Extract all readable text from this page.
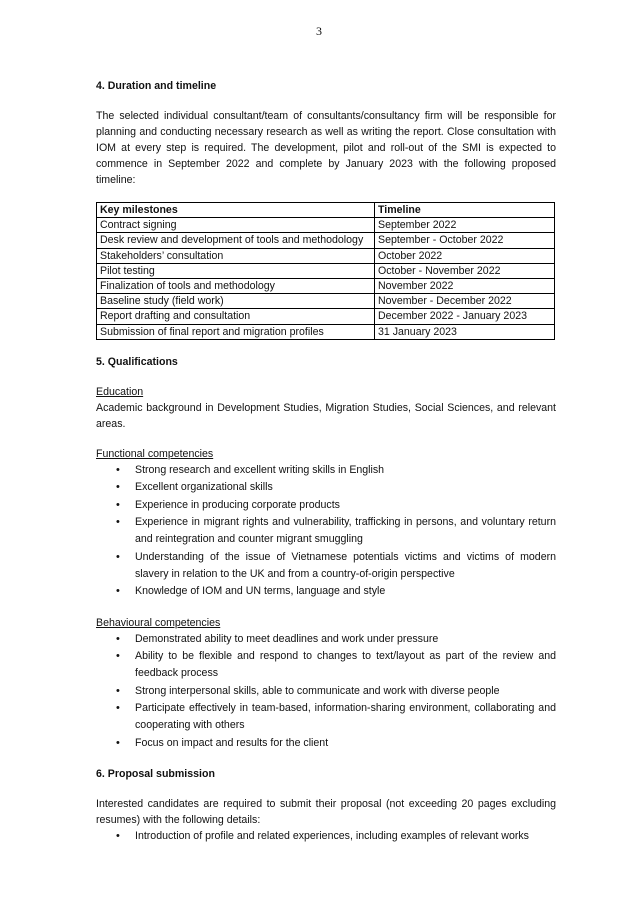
3
4. Duration and timeline

The selected individual consultant/team of consultants/consultancy firm will be responsible for planning and conducting necessary research as well as writing the report. Close consultation with IOM at every step is required. The development, pilot and roll-out of the SMI is expected to commence in September 2022 and complete by January 2023 with the following proposed timeline:

Key milestones	Timeline
Contract signing	September 2022
Desk review and development of tools and methodology	September - October 2022
Stakeholders’ consultation	October 2022
Pilot testing	October - November 2022
Finalization of tools and methodology	November 2022
Baseline study (field work)	November - December 2022
Report drafting and consultation	December 2022 - January 2023
Submission of final report and migration profiles	31 January 2023
5. Qualifications
Education

Academic background in Development Studies, Migration Studies, Social Sciences, and relevant areas.

Functional competencies
• Strong research and excellent writing skills in English
• Excellent organizational skills
• Experience in producing corporate products
• Experience in migrant rights and vulnerability, trafficking in persons, and voluntary return and reintegration and counter migrant smuggling
• Understanding of the issue of Vietnamese potentials victims and victims of modern slavery in relation to the UK and from a country-of-origin perspective
• Knowledge of IOM and UN terms, language and style
Behavioural competencies
• Demonstrated ability to meet deadlines and work under pressure
• Ability to be flexible and respond to changes to text/layout as part of the review and feedback process
• Strong interpersonal skills, able to communicate and work with diverse people
• Participate effectively in team-based, information-sharing environment, collaborating and cooperating with others
• Focus on impact and results for the client
6. Proposal submission

Interested candidates are required to submit their proposal (not exceeding 20 pages excluding resumes) with the following details:

• Introduction of profile and related experiences, including examples of relevant works
